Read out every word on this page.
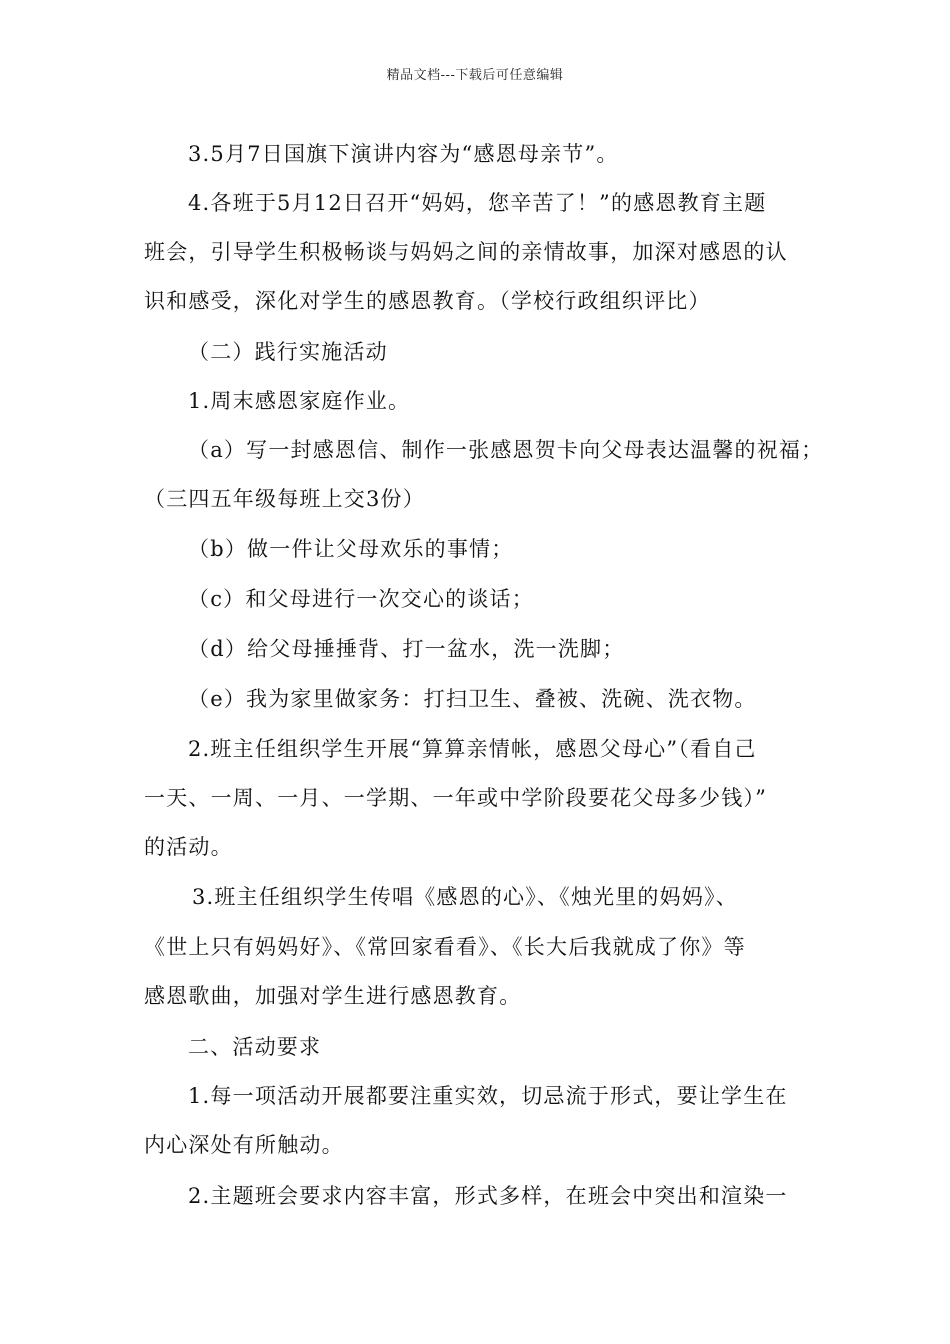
精品文档---下载后可任意编辑
3.5月7日国旗下演讲内容为“感恩母亲节”。
4.各班于5月12日召开“妈妈，您辛苦了！”的感恩教育主题
班会，引导学生积极畅谈与妈妈之间的亲情故事，加深对感恩的认
识和感受，深化对学生的感恩教育。（学校行政组织评比）
（二）践行实施活动
1.周末感恩家庭作业。
（a）写一封感恩信、制作一张感恩贺卡向父母表达温馨的祝福；
（三四五年级每班上交3份）
（b）做一件让父母欢乐的事情；
（c）和父母进行一次交心的谈话；
（d）给父母捶捶背、打一盆水，洗一洗脚；
（e）我为家里做家务：打扫卫生、叠被、洗碗、洗衣物。
2.班主任组织学生开展“算算亲情帐，感恩父母心”（看自己
一天、一周、一月、一学期、一年或中学阶段要花父母多少钱）”
的活动。
3.班主任组织学生传唱《感恩的心》、《烛光里的妈妈》、
《世上只有妈妈好》、《常回家看看》、《长大后我就成了你》等
感恩歌曲，加强对学生进行感恩教育。
二、活动要求
1.每一项活动开展都要注重实效，切忌流于形式，要让学生在
内心深处有所触动。
2.主题班会要求内容丰富，形式多样，在班会中突出和渲染一
